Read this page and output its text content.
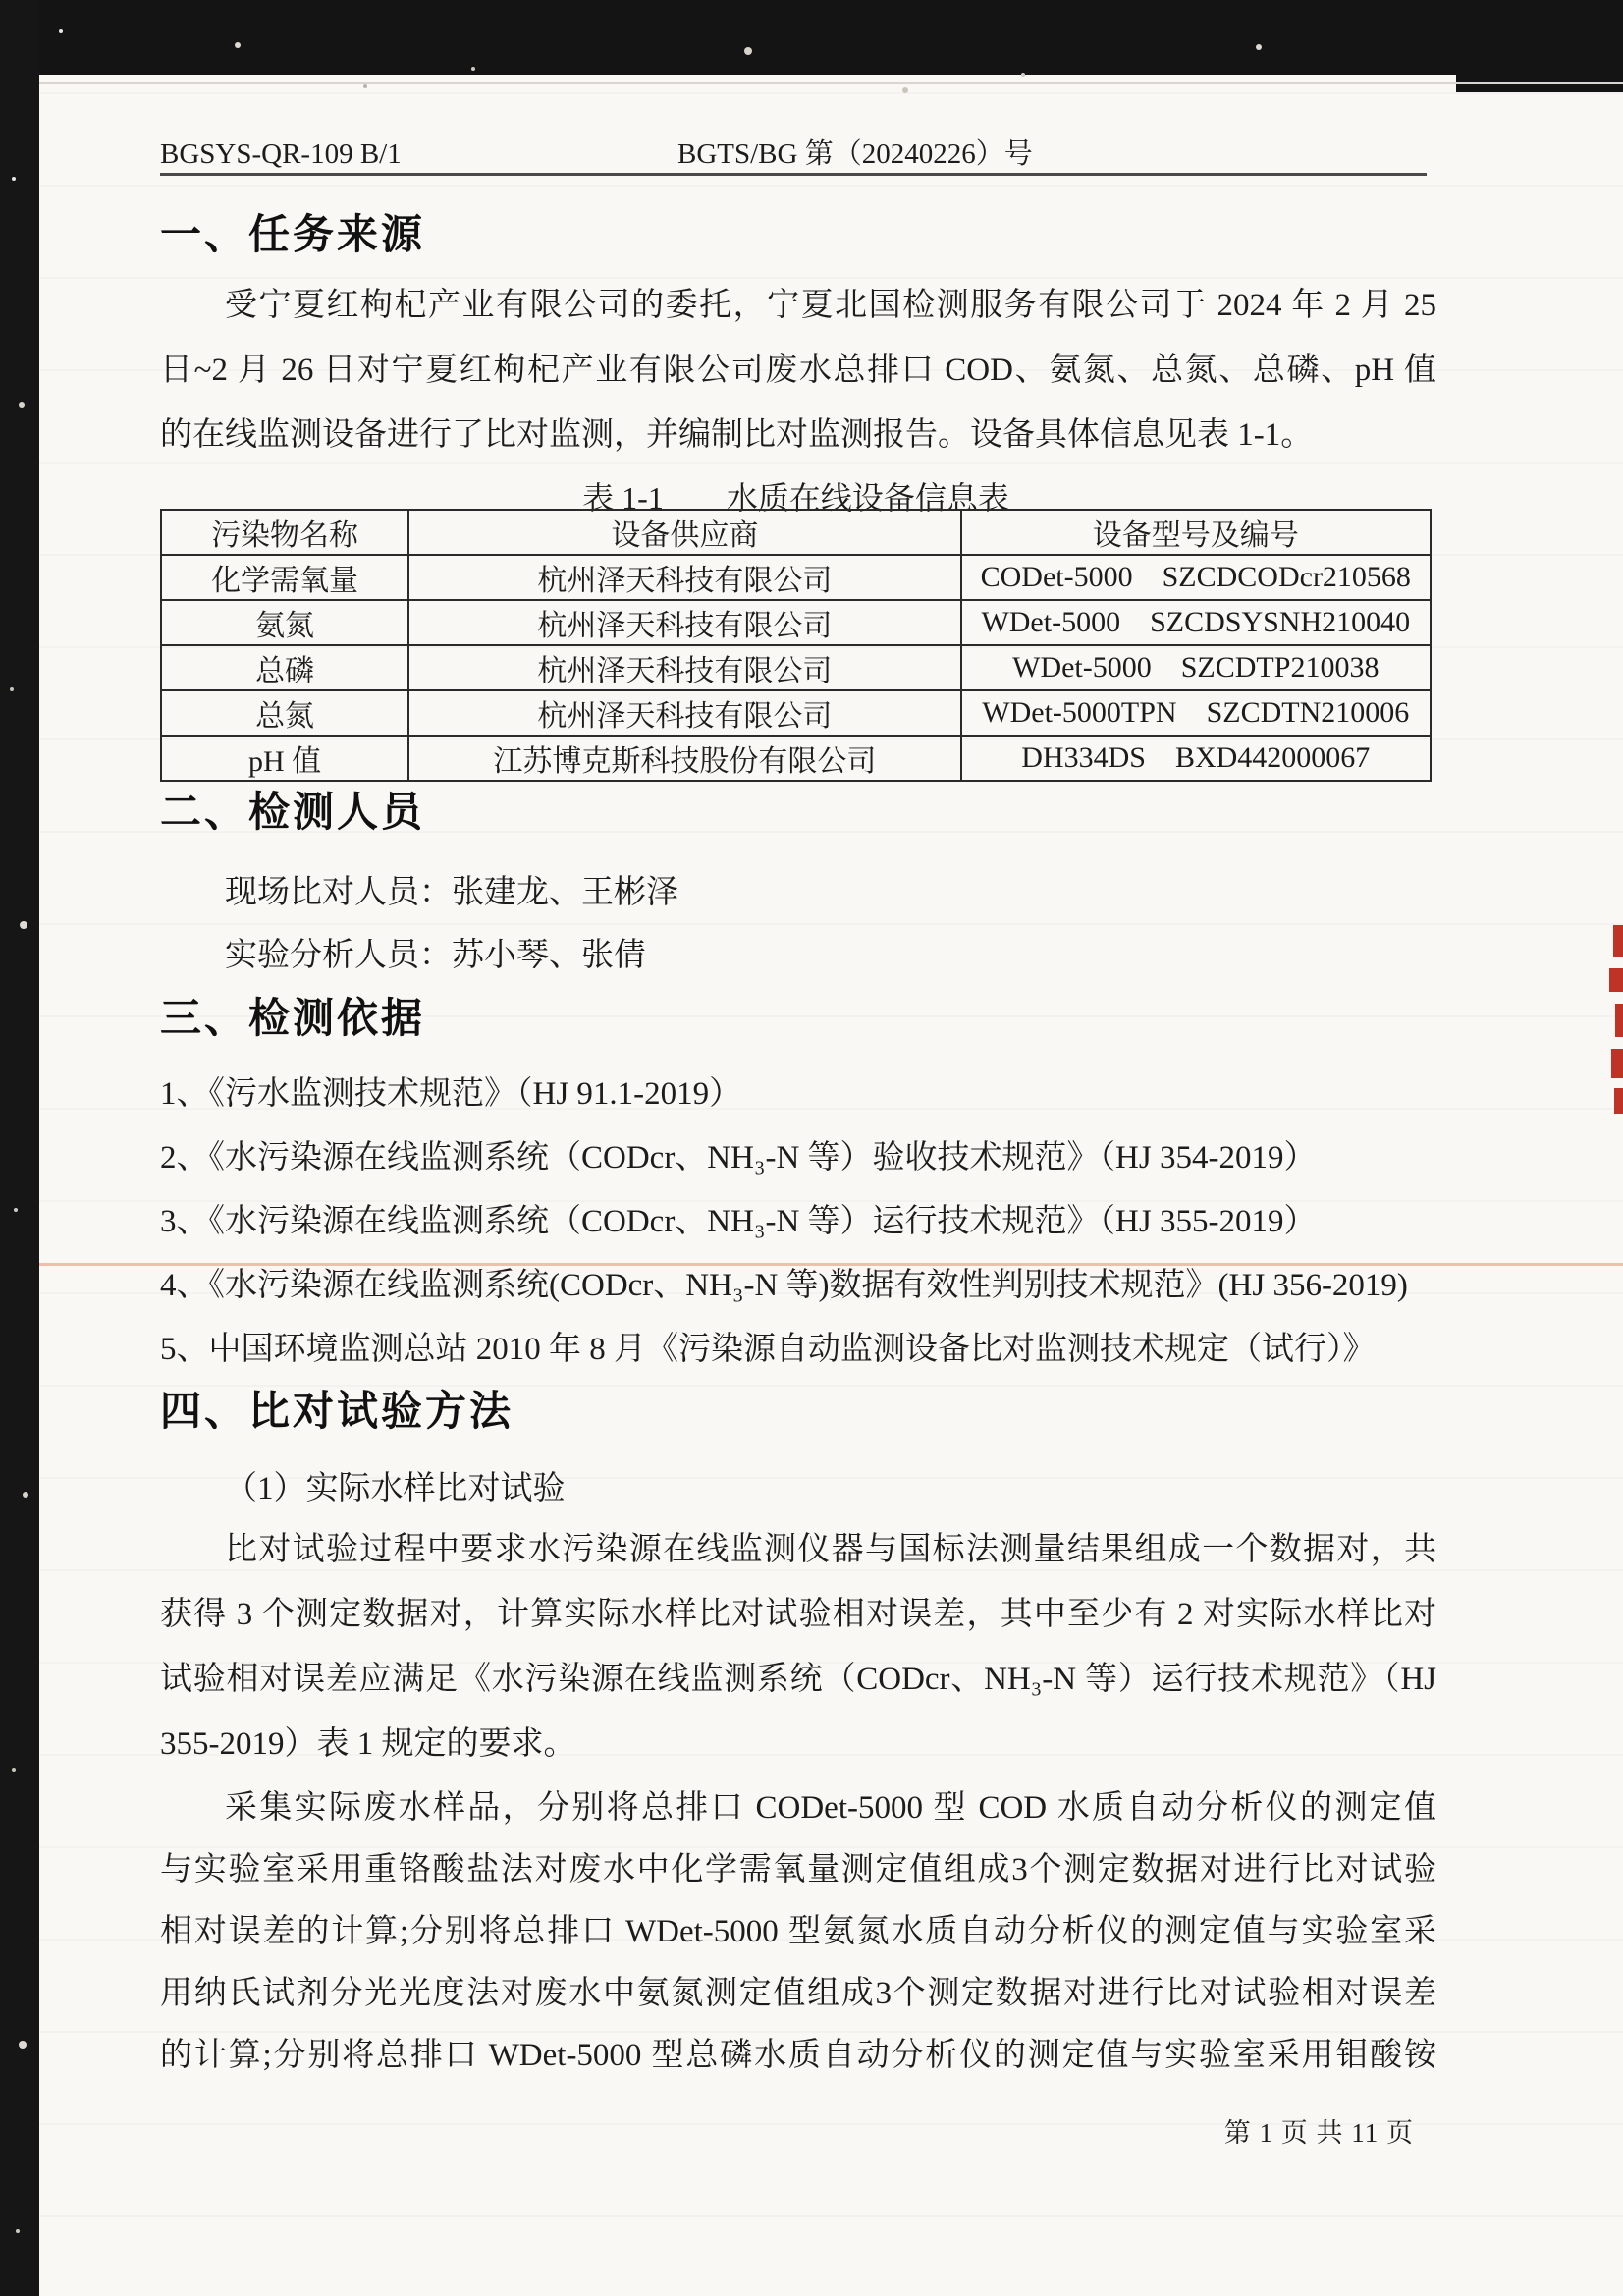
BGSYS-QR-109 B/1	BGTS/BG 第（20240226）号
一、任务来源
受宁夏红枸杞产业有限公司的委托，宁夏北国检测服务有限公司于 2024 年 2 月 25
日~2 月 26 日对宁夏红枸杞产业有限公司废水总排口 COD、氨氮、总氮、总磷、pH 值
的在线监测设备进行了比对监测，并编制比对监测报告。设备具体信息见表 1-1。
表 1-1　　水质在线设备信息表
污染物名称	设备供应商	设备型号及编号
化学需氧量	杭州泽天科技有限公司	CODet-5000    SZCDCODcr210568
氨氮	杭州泽天科技有限公司	WDet-5000    SZCDSYSNH210040
总磷	杭州泽天科技有限公司	WDet-5000    SZCDTP210038
总氮	杭州泽天科技有限公司	WDet-5000TPN    SZCDTN210006
pH 值	江苏博克斯科技股份有限公司	DH334DS    BXD442000067
二、检测人员
现场比对人员：张建龙、王彬泽
实验分析人员：苏小琴、张倩
三、检测依据
1、《污水监测技术规范》（HJ 91.1-2019）
2、《水污染源在线监测系统（CODcr、NH₃-N 等）验收技术规范》（HJ 354-2019）
3、《水污染源在线监测系统（CODcr、NH₃-N 等）运行技术规范》（HJ 355-2019）
4、《水污染源在线监测系统(CODcr、NH₃-N 等)数据有效性判别技术规范》(HJ 356-2019)
5、中国环境监测总站 2010 年 8 月《污染源自动监测设备比对监测技术规定（试行）》
四、比对试验方法
（1）实际水样比对试验
比对试验过程中要求水污染源在线监测仪器与国标法测量结果组成一个数据对，共
获得 3 个测定数据对，计算实际水样比对试验相对误差，其中至少有 2 对实际水样比对
试验相对误差应满足《水污染源在线监测系统（CODcr、NH₃-N 等）运行技术规范》（HJ
355-2019）表 1 规定的要求。
采集实际废水样品，分别将总排口 CODet-5000 型 COD 水质自动分析仪的测定值
与实验室采用重铬酸盐法对废水中化学需氧量测定值组成3个测定数据对进行比对试验
相对误差的计算;分别将总排口 WDet-5000 型氨氮水质自动分析仪的测定值与实验室采
用纳氏试剂分光光度法对废水中氨氮测定值组成3个测定数据对进行比对试验相对误差
的计算;分别将总排口 WDet-5000 型总磷水质自动分析仪的测定值与实验室采用钼酸铵
第 1 页 共 11 页
